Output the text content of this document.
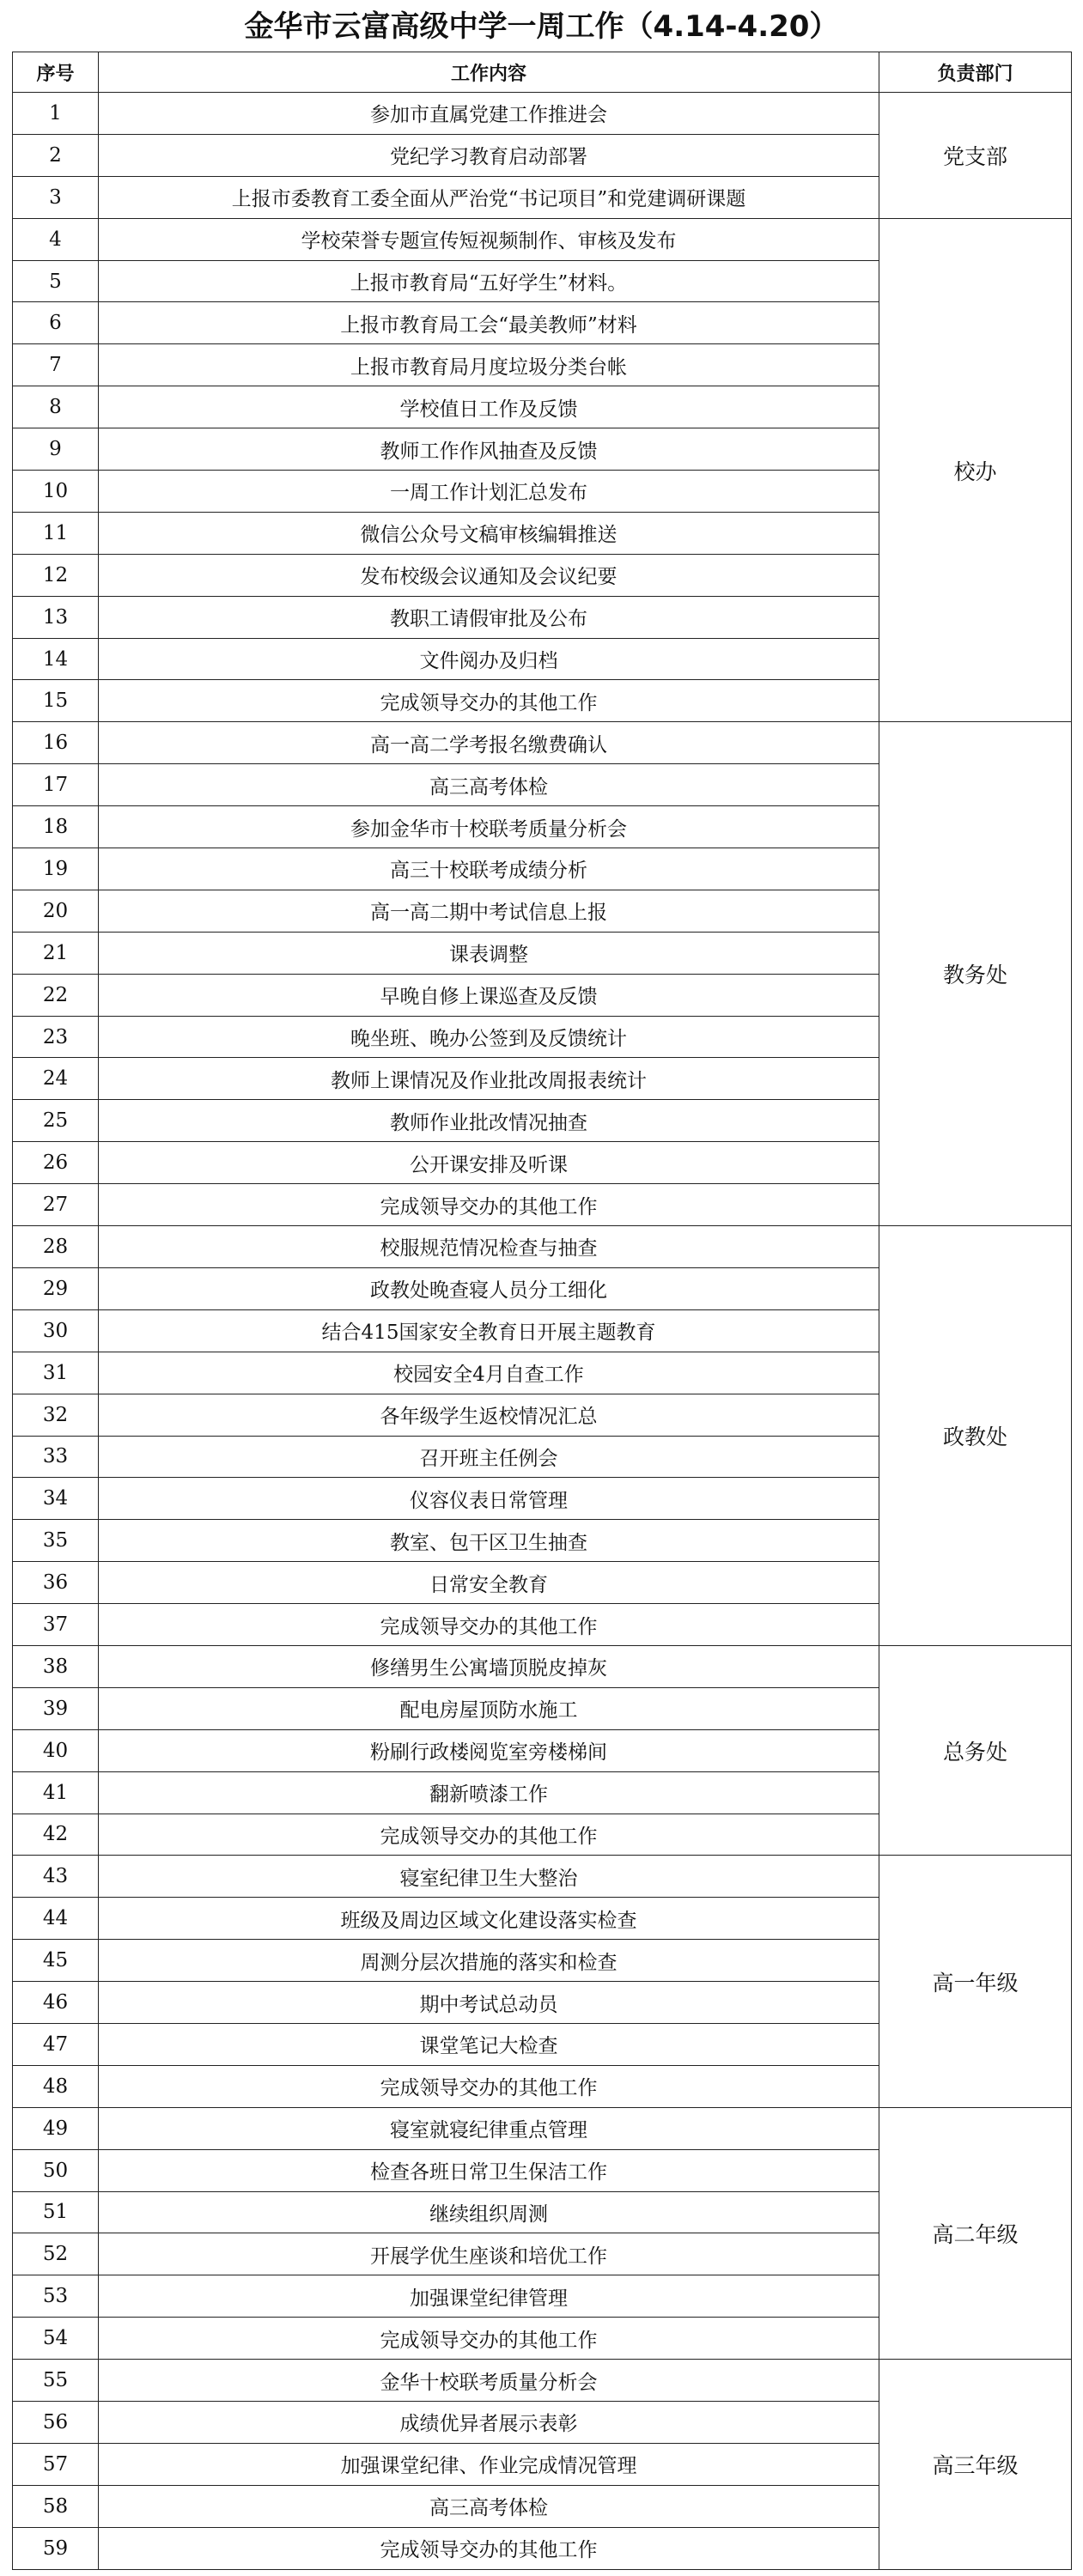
金华市云富高级中学一周工作（4.14-4.20）
序号	工作内容	负责部门
1	参加市直属党建工作推进会	党支部
2	党纪学习教育启动部署	
3	上报市委教育工委全面从严治党“书记项目”和党建调研课题	
4	学校荣誉专题宣传短视频制作、审核及发布	校办
5	上报市教育局“五好学生”材料。	
6	上报市教育局工会“最美教师”材料	
7	上报市教育局月度垃圾分类台帐	
8	学校值日工作及反馈	
9	教师工作作风抽查及反馈	
10	一周工作计划汇总发布	
11	微信公众号文稿审核编辑推送	
12	发布校级会议通知及会议纪要	
13	教职工请假审批及公布	
14	文件阅办及归档	
15	完成领导交办的其他工作	
16	高一高二学考报名缴费确认	教务处
17	高三高考体检	
18	参加金华市十校联考质量分析会	
19	高三十校联考成绩分析	
20	高一高二期中考试信息上报	
21	课表调整	
22	早晚自修上课巡查及反馈	
23	晚坐班、晚办公签到及反馈统计	
24	教师上课情况及作业批改周报表统计	
25	教师作业批改情况抽查	
26	公开课安排及听课	
27	完成领导交办的其他工作	
28	校服规范情况检查与抽查	政教处
29	政教处晚查寝人员分工细化	
30	结合415国家安全教育日开展主题教育	
31	校园安全4月自查工作	
32	各年级学生返校情况汇总	
33	召开班主任例会	
34	仪容仪表日常管理	
35	教室、包干区卫生抽查	
36	日常安全教育	
37	完成领导交办的其他工作	
38	修缮男生公寓墙顶脱皮掉灰	总务处
39	配电房屋顶防水施工	
40	粉刷行政楼阅览室旁楼梯间	
41	翻新喷漆工作	
42	完成领导交办的其他工作	
43	寝室纪律卫生大整治	高一年级
44	班级及周边区域文化建设落实检查	
45	周测分层次措施的落实和检查	
46	期中考试总动员	
47	课堂笔记大检查	
48	完成领导交办的其他工作	
49	寝室就寝纪律重点管理	高二年级
50	检查各班日常卫生保洁工作	
51	继续组织周测	
52	开展学优生座谈和培优工作	
53	加强课堂纪律管理	
54	完成领导交办的其他工作	
55	金华十校联考质量分析会	高三年级
56	成绩优异者展示表彰	
57	加强课堂纪律、作业完成情况管理	
58	高三高考体检	
59	完成领导交办的其他工作	
